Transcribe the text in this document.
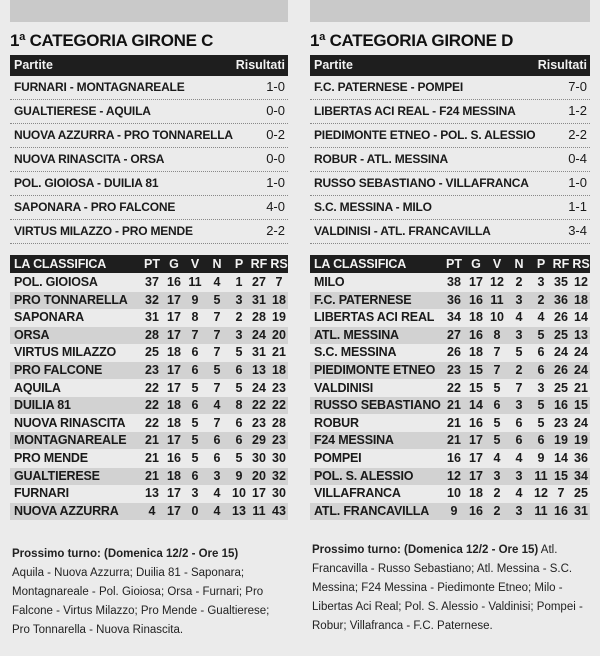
1ª CATEGORIA GIRONE C
Partite	Risultati
FURNARI - MONTAGNAREALE	1-0
GUALTIERESE - AQUILA	0-0
NUOVA AZZURRA - PRO TONNARELLA	0-2
NUOVA RINASCITA - ORSA	0-0
POL. GIOIOSA - DUILIA 81	1-0
SAPONARA - PRO FALCONE	4-0
VIRTUS MILAZZO - PRO MENDE	2-2
LA CLASSIFICA	PT G V	N	P RF RS
POL. GIOIOSA	37 16 11 4	1 27 7
PRO TONNARELLA	32 17 9	5	3 31 18
SAPONARA	31 17 8	7	2 28 19
ORSA	28 17 7	7	3 24 20
VIRTUS MILAZZO	25 18 6	7	5 31 21
PRO FALCONE	23 17 6	5	6 13 18
AQUILA	22 17 5	7	5 24 23
DUILIA 81	22 18 6	4	8 22 22
NUOVA RINASCITA	22 18 5	7	6 23 28
MONTAGNAREALE	21 17 5	6	6 29 23
PRO MENDE	21 16 5	6	5 30 30
GUALTIERESE	21 18 6	3	9 20 32
FURNARI	13 17 3	4 10 17 30
NUOVA AZZURRA	4 17 0	4 13 11 43
Prossimo turno: (Domenica 12/2 - Ore 15)
Aquila - Nuova Azzurra; Duilia 81 - Saponara; Montagnareale - Pol. Gioiosa; Orsa - Furnari; Pro Falcone - Virtus Milazzo; Pro Mende - Gualtierese; Pro Tonnarella - Nuova Rinascita.
1ª CATEGORIA GIRONE D
Partite	Risultati
F.C. PATERNESE - POMPEI	7-0
LIBERTAS ACI REAL - F24 MESSINA	1-2
PIEDIMONTE ETNEO - POL. S. ALESSIO	2-2
ROBUR - ATL. MESSINA	0-4
RUSSO SEBASTIANO - VILLAFRANCA	1-0
S.C. MESSINA - MILO	1-1
VALDINISI - ATL. FRANCAVILLA	3-4
LA CLASSIFICA	PT G V	N	P RF RS
MILO	38 17 12 2	3 35 12
F.C. PATERNESE	36 16 11 3	2 36 18
LIBERTAS ACI REAL	34 18 10 4	4 26 14
ATL. MESSINA	27 16 8	3	5 25 13
S.C. MESSINA	26 18 7	5	6 24 24
PIEDIMONTE ETNEO 23 15 7	2	6 26 24
VALDINISI	22 15 5	7	3 25 21
RUSSO SEBASTIANO 21 14 6	3	5 16 15
ROBUR	21 16 5	6	5 23 24
F24 MESSINA	21 17 5	6	6 19 19
POMPEI	16 17 4	4	9 14 36
POL. S. ALESSIO	12 17 3	3 11 15 34
VILLAFRANCA	10 18 2	4 12 7 25
ATL. FRANCAVILLA	9 16 2	3 11 16 31
Prossimo turno: (Domenica 12/2 - Ore 15) Atl. Francavilla - Russo Sebastiano; Atl. Messina - S.C. Messina; F24 Messina - Piedimonte Etneo; Milo - Libertas Aci Real; Pol. S. Alessio - Valdinisi; Pompei - Robur; Villafranca - F.C. Paternese.
